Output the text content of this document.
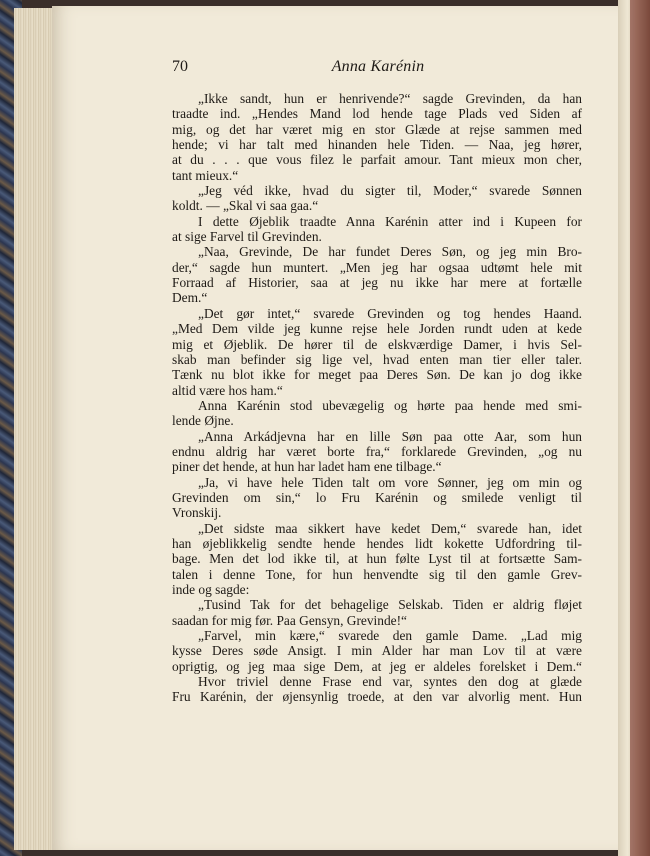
70	Anna Karénin
„Ikke sandt, hun er henrivende?“ sagde Grevinden, da han
traadte ind. „Hendes Mand lod hende tage Plads ved Siden af
mig, og det har været mig en stor Glæde at rejse sammen med
hende; vi har talt med hinanden hele Tiden. — Naa, jeg hører,
at du . . . que vous filez le parfait amour. Tant mieux mon cher,
tant mieux.“
„Jeg véd ikke, hvad du sigter til, Moder,“ svarede Sønnen
koldt. — „Skal vi saa gaa.“
I dette Øjeblik traadte Anna Karénin atter ind i Kupeen for
at sige Farvel til Grevinden.
„Naa, Grevinde, De har fundet Deres Søn, og jeg min Bro-
der,“ sagde hun muntert. „Men jeg har ogsaa udtømt hele mit
Forraad af Historier, saa at jeg nu ikke har mere at fortælle
Dem.“
„Det gør intet,“ svarede Grevinden og tog hendes Haand.
„Med Dem vilde jeg kunne rejse hele Jorden rundt uden at kede
mig et Øjeblik. De hører til de elskværdige Damer, i hvis Sel-
skab man befinder sig lige vel, hvad enten man tier eller taler.
Tænk nu blot ikke for meget paa Deres Søn. De kan jo dog ikke
altid være hos ham.“
Anna Karénin stod ubevægelig og hørte paa hende med smi-
lende Øjne.
„Anna Arkádjevna har en lille Søn paa otte Aar, som hun
endnu aldrig har været borte fra,“ forklarede Grevinden, „og nu
piner det hende, at hun har ladet ham ene tilbage.“
„Ja, vi have hele Tiden talt om vore Sønner, jeg om min og
Grevinden om sin,“ lo Fru Karénin og smilede venligt til
Vronskij.
„Det sidste maa sikkert have kedet Dem,“ svarede han, idet
han øjeblikkelig sendte hende hendes lidt kokette Udfordring til-
bage. Men det lod ikke til, at hun følte Lyst til at fortsætte Sam-
talen i denne Tone, for hun henvendte sig til den gamle Grev-
inde og sagde:
„Tusind Tak for det behagelige Selskab. Tiden er aldrig fløjet
saadan for mig før. Paa Gensyn, Grevinde!“
„Farvel, min kære,“ svarede den gamle Dame. „Lad mig
kysse Deres søde Ansigt. I min Alder har man Lov til at være
oprigtig, og jeg maa sige Dem, at jeg er aldeles forelsket i Dem.“
Hvor triviel denne Frase end var, syntes den dog at glæde
Fru Karénin, der øjensynlig troede, at den var alvorlig ment. Hun
